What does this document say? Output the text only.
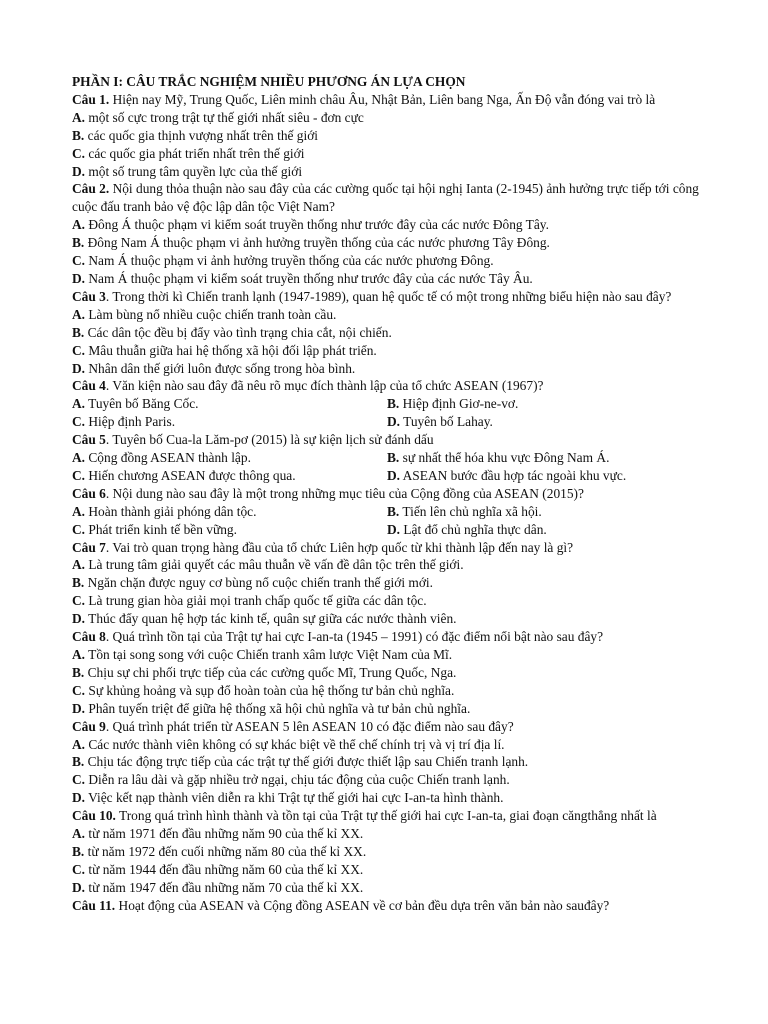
PHẦN I: CÂU TRẮC NGHIỆM NHIỀU PHƯƠNG ÁN LỰA CHỌN
Câu 1. Hiện nay Mỹ, Trung Quốc, Liên minh châu Âu, Nhật Bản, Liên bang Nga, Ấn Độ vẫn đóng vai trò là
A. một số cực trong trật tự thế giới nhất siêu - đơn cực
B. các quốc gia thịnh vượng nhất trên thế giới
C. các quốc gia phát triển nhất trên thế giới
D. một số trung tâm quyền lực của thế giới
Câu 2. Nội dung thỏa thuận nào sau đây của các cường quốc tại hội nghị Ianta (2-1945) ảnh hưởng trực tiếp tới công cuộc đấu tranh bảo vệ độc lập dân tộc Việt Nam?
A. Đông Á thuộc phạm vi kiểm soát truyền thống như trước đây của các nước Đông Tây.
B. Đông Nam Á thuộc phạm vi ảnh hưởng truyền thống của các nước phương Tây Đông.
C. Nam Á thuộc phạm vi ảnh hưởng truyền thống của các nước phương Đông.
D. Nam Á thuộc phạm vi kiểm soát truyền thống như trước đây của các nước Tây Âu.
Câu 3. Trong thời kì Chiến tranh lạnh (1947-1989), quan hệ quốc tế có một trong những biểu hiện nào sau đây?
A. Làm bùng nổ nhiều cuộc chiến tranh toàn cầu.
B. Các dân tộc đều bị đẩy vào tình trạng chia cắt, nội chiến.
C. Mâu thuẫn giữa hai hệ thống xã hội đối lập phát triển.
D. Nhân dân thế giới luôn được sống trong hòa bình.
Câu 4. Văn kiện nào sau đây đã nêu rõ mục đích thành lập của tổ chức ASEAN (1967)?
A. Tuyên bố Băng Cốc.	B. Hiệp định Giơ-ne-vơ.
C. Hiệp định Paris.	D. Tuyên bố Lahay.
Câu 5. Tuyên bố Cua-la Lăm-pơ (2015) là sự kiện lịch sử đánh dấu
A. Cộng đồng ASEAN thành lập.	B. sự nhất thể hóa khu vực Đông Nam Á.
C. Hiến chương ASEAN được thông qua.	D. ASEAN bước đầu hợp tác ngoài khu vực.
Câu 6. Nội dung nào sau đây là một trong những mục tiêu của Cộng đồng của ASEAN (2015)?
A. Hoàn thành giải phóng dân tộc.	B. Tiến lên chủ nghĩa xã hội.
C. Phát triển kinh tế bền vững.	D. Lật đổ chủ nghĩa thực dân.
Câu 7. Vai trò quan trọng hàng đầu của tổ chức Liên hợp quốc từ khi thành lập đến nay là gì?
A. Là trung tâm giải quyết các mâu thuẫn về vấn đề dân tộc trên thế giới.
B. Ngăn chặn được nguy cơ bùng nổ cuộc chiến tranh thế giới mới.
C. Là trung gian hòa giải mọi tranh chấp quốc tế giữa các dân tộc.
D. Thúc đẩy quan hệ hợp tác kinh tế, quân sự giữa các nước thành viên.
Câu 8. Quá trình tồn tại của Trật tự hai cực I-an-ta (1945 – 1991) có đặc điểm nổi bật nào sau đây?
A. Tồn tại song song với cuộc Chiến tranh xâm lược Việt Nam của Mĩ.
B. Chịu sự chi phối trực tiếp của các cường quốc Mĩ, Trung Quốc, Nga.
C. Sự khủng hoảng và sụp đổ hoàn toàn của hệ thống tư bản chủ nghĩa.
D. Phân tuyến triệt để giữa hệ thống xã hội chủ nghĩa và tư bản chủ nghĩa.
Câu 9. Quá trình phát triển từ ASEAN 5 lên ASEAN 10 có đặc điểm nào sau đây?
A. Các nước thành viên không có sự khác biệt về thể chế chính trị và vị trí địa lí.
B. Chịu tác động trực tiếp của các trật tự thế giới được thiết lập sau Chiến tranh lạnh.
C. Diễn ra lâu dài và gặp nhiều trở ngại, chịu tác động của cuộc Chiến tranh lạnh.
D. Việc kết nạp thành viên diễn ra khi Trật tự thế giới hai cực I-an-ta hình thành.
Câu 10. Trong quá trình hình thành và tồn tại của Trật tự thế giới hai cực I-an-ta, giai đoạn căngthẳng nhất là
A. từ năm 1971 đến đầu những năm 90 của thế kỉ XX.
B. từ năm 1972 đến cuối những năm 80 của thế kỉ XX.
C. từ năm 1944 đến đầu những năm 60 của thế kỉ XX.
D. từ năm 1947 đến đầu những năm 70 của thế kỉ XX.
Câu 11. Hoạt động của ASEAN và Cộng đồng ASEAN về cơ bản đều dựa trên văn bản nào sauđây?
